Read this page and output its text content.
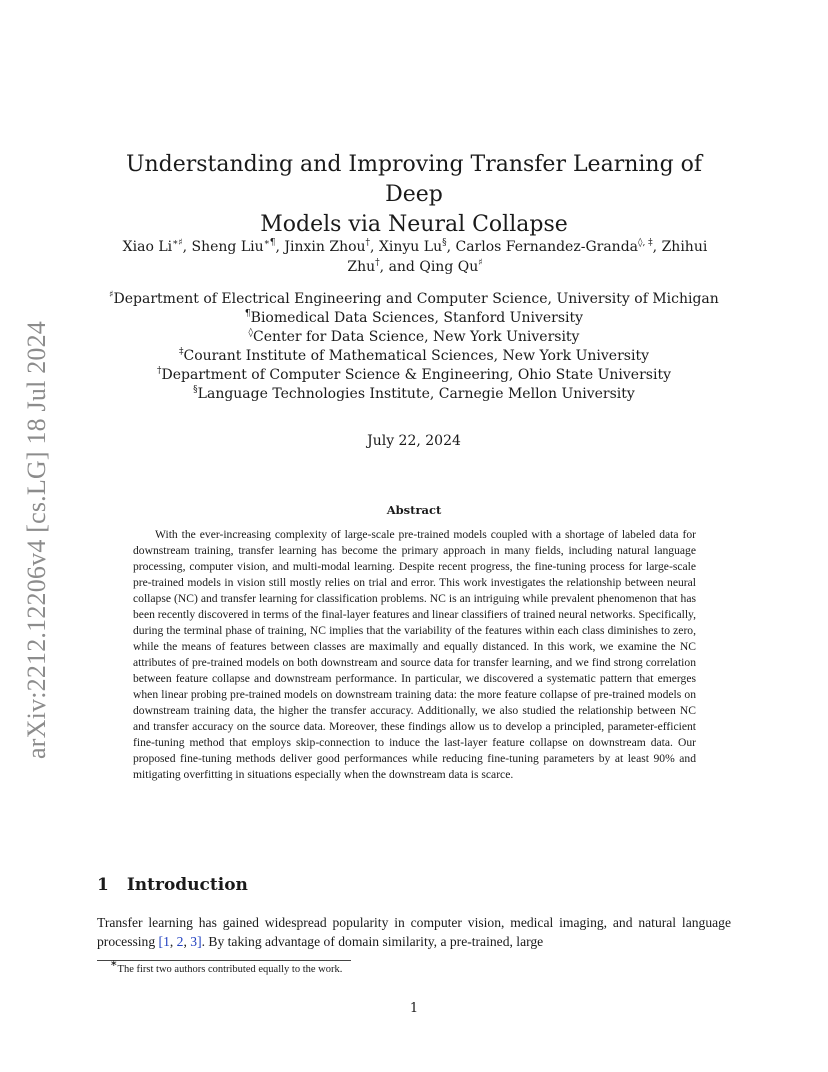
arXiv:2212.12206v4 [cs.LG] 18 Jul 2024
Understanding and Improving Transfer Learning of Deep
Models via Neural Collapse
Xiao Li∗♯, Sheng Liu∗¶, Jinxin Zhou†, Xinyu Lu§, Carlos Fernandez-Granda◊, ‡, Zhihui
Zhu†, and Qing Qu♯
♯Department of Electrical Engineering and Computer Science, University of Michigan
¶Biomedical Data Sciences, Stanford University
◊Center for Data Science, New York University
‡Courant Institute of Mathematical Sciences, New York University
†Department of Computer Science & Engineering, Ohio State University
§Language Technologies Institute, Carnegie Mellon University
July 22, 2024
Abstract

With the ever-increasing complexity of large-scale pre-trained models coupled with a shortage of labeled data for downstream training, transfer learning has become the primary approach in many fields, including natural language processing, computer vision, and multi-modal learning. Despite recent progress, the fine-tuning process for large-scale pre-trained models in vision still mostly relies on trial and error. This work investigates the relationship between neural collapse (NC) and transfer learning for classification problems. NC is an intriguing while prevalent phenomenon that has been recently discovered in terms of the final-layer features and linear classifiers of trained neural networks. Specifically, during the terminal phase of training, NC implies that the variability of the features within each class diminishes to zero, while the means of features between classes are maximally and equally distanced. In this work, we examine the NC attributes of pre-trained models on both downstream and source data for transfer learning, and we find strong correlation between feature collapse and downstream performance. In particular, we discovered a systematic pattern that emerges when linear probing pre-trained models on downstream training data: the more feature collapse of pre-trained models on downstream training data, the higher the transfer accuracy. Additionally, we also studied the relationship between NC and transfer accuracy on the source data. Moreover, these findings allow us to develop a principled, parameter-efficient fine-tuning method that employs skip-connection to induce the last-layer feature collapse on downstream data. Our proposed fine-tuning methods deliver good performances while reducing fine-tuning parameters by at least 90% and mitigating overfitting in situations especially when the downstream data is scarce.

1 Introduction

Transfer learning has gained widespread popularity in computer vision, medical imaging, and natural language processing [1, 2, 3]. By taking advantage of domain similarity, a pre-trained, large

∗The first two authors contributed equally to the work.
1
